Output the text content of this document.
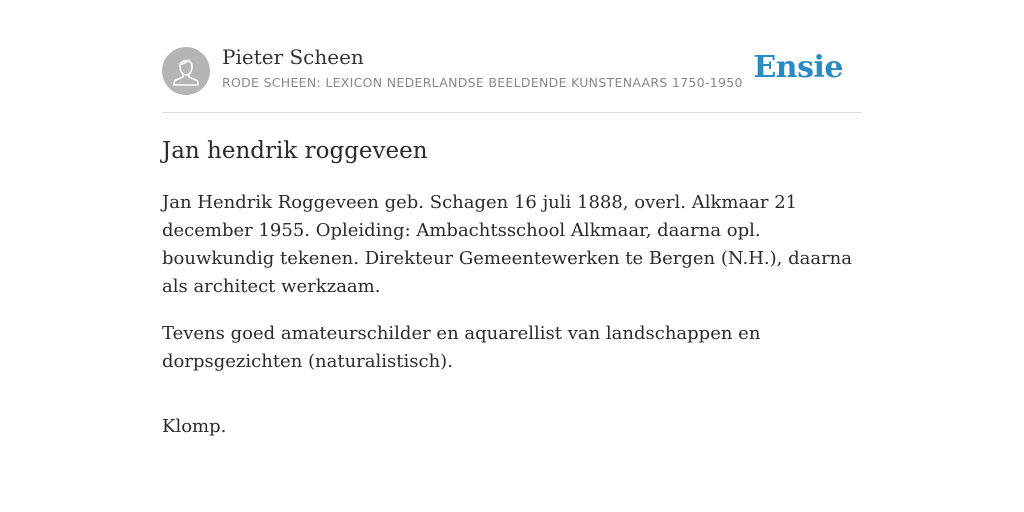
Pieter Scheen
RODE SCHEEN: LEXICON NEDERLANDSE BEELDENDE KUNSTENAARS 1750-1950 Ensie
Jan hendrik roggeveen

Jan Hendrik Roggeveen geb. Schagen 16 juli 1888, overl. Alkmaar 21 december 1955. Opleiding: Ambachtsschool Alkmaar, daarna opl. bouwkundig tekenen. Direkteur Gemeentewerken te Bergen (N.H.), daarna als architect werkzaam.

Tevens goed amateurschilder en aquarellist van landschappen en dorpsgezichten (naturalistisch).

Klomp.
